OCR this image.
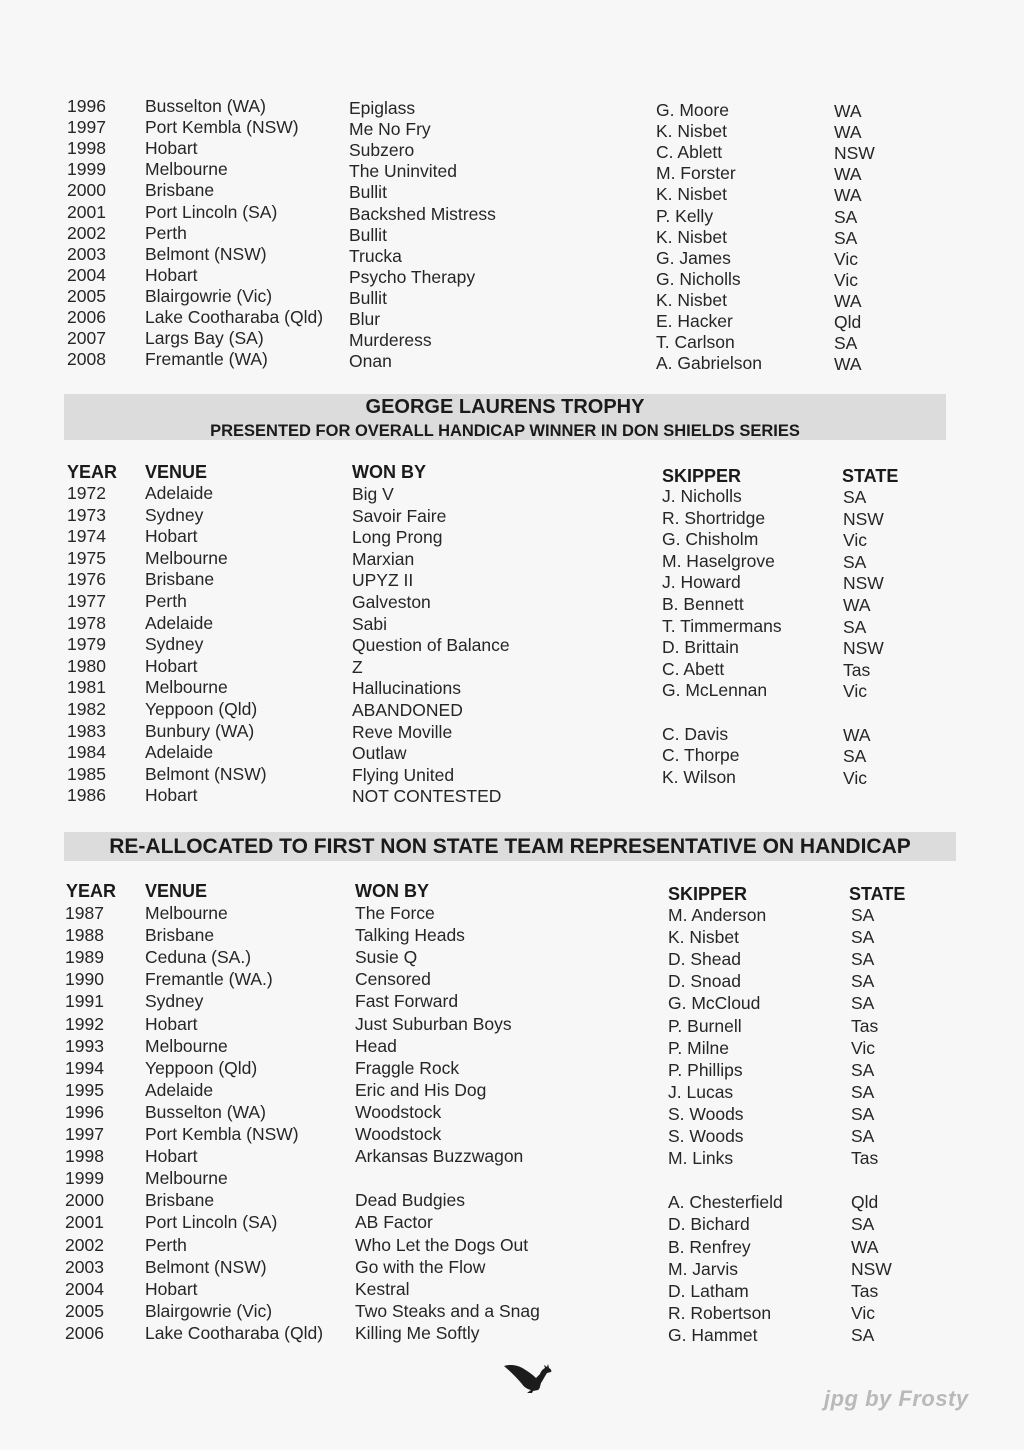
1996 Busselton (WA)	Epiglass	G. Moore	WA
1997 Port Kembla (NSW)	Me No Fry	K. Nisbet	WA
1998 Hobart	Subzero	C. Ablett	NSW
1999 Melbourne	The Uninvited	M. Forster	WA
2000 Brisbane	Bullit	K. Nisbet	WA
2001 Port Lincoln (SA)	Backshed Mistress	P. Kelly	SA
2002 Perth	Bullit	K. Nisbet	SA
2003 Belmont (NSW)	Trucka	G. James	Vic
2004 Hobart	Psycho Therapy	G. Nicholls	Vic
2005 Blairgowrie (Vic)	Bullit	K. Nisbet	WA
2006 Lake Cootharaba (Qld) Blur	E. Hacker	Qld
2007 Largs Bay (SA)	Murderess	T. Carlson	SA
2008 Fremantle (WA)	Onan	A. Gabrielson	WA
GEORGE LAURENS TROPHY
PRESENTED FOR OVERALL HANDICAP WINNER IN DON SHIELDS SERIES
YEAR VENUE	WON BY	SKIPPER	STATE
1972 Adelaide	Big V	J. Nicholls	SA
1973 Sydney	Savoir Faire	R. Shortridge	NSW
1974 Hobart	Long Prong	G. Chisholm	Vic
1975 Melbourne	Marxian	M. Haselgrove	SA
1976 Brisbane	UPYZ II	J. Howard	NSW
1977 Perth	Galveston	B. Bennett	WA
1978 Adelaide	Sabi	T. Timmermans	SA
1979 Sydney	Question of Balance	D. Brittain	NSW
1980 Hobart	Z	C. Abett	Tas
1981 Melbourne	Hallucinations	G. McLennan	Vic
1982 Yeppoon (Qld)	ABANDONED
1983 Bunbury (WA)	Reve Moville	C. Davis	WA
1984 Adelaide	Outlaw	C. Thorpe	SA
1985 Belmont (NSW)	Flying United	K. Wilson	Vic
1986 Hobart	NOT CONTESTED
RE-ALLOCATED TO FIRST NON STATE TEAM REPRESENTATIVE ON HANDICAP
YEAR VENUE	WON BY	SKIPPER	STATE
1987 Melbourne	The Force	M. Anderson	SA
1988 Brisbane	Talking Heads	K. Nisbet	SA
1989 Ceduna (SA.)	Susie Q	D. Shead	SA
1990 Fremantle (WA.)	Censored	D. Snoad	SA
1991 Sydney	Fast Forward	G. McCloud	SA
1992 Hobart	Just Suburban Boys	P. Burnell	Tas
1993 Melbourne	Head	P. Milne	Vic
1994 Yeppoon (Qld)	Fraggle Rock	P. Phillips	SA
1995 Adelaide	Eric and His Dog	J. Lucas	SA
1996 Busselton (WA)	Woodstock	S. Woods	SA
1997 Port Kembla (NSW)	Woodstock	S. Woods	SA
1998 Hobart	Arkansas Buzzwagon	M. Links	Tas
1999 Melbourne
2000 Brisbane	Dead Budgies	A. Chesterfield	Qld
2001 Port Lincoln (SA)	AB Factor	D. Bichard	SA
2002 Perth	Who Let the Dogs Out	B. Renfrey	WA
2003 Belmont (NSW)	Go with the Flow	M. Jarvis	NSW
2004 Hobart	Kestral	D. Latham	Tas
2005 Blairgowrie (Vic)	Two Steaks and a Snag	R. Robertson	Vic
2006 Lake Cootharaba (Qld) Killing Me Softly	G. Hammet	SA
jpg by Frosty
